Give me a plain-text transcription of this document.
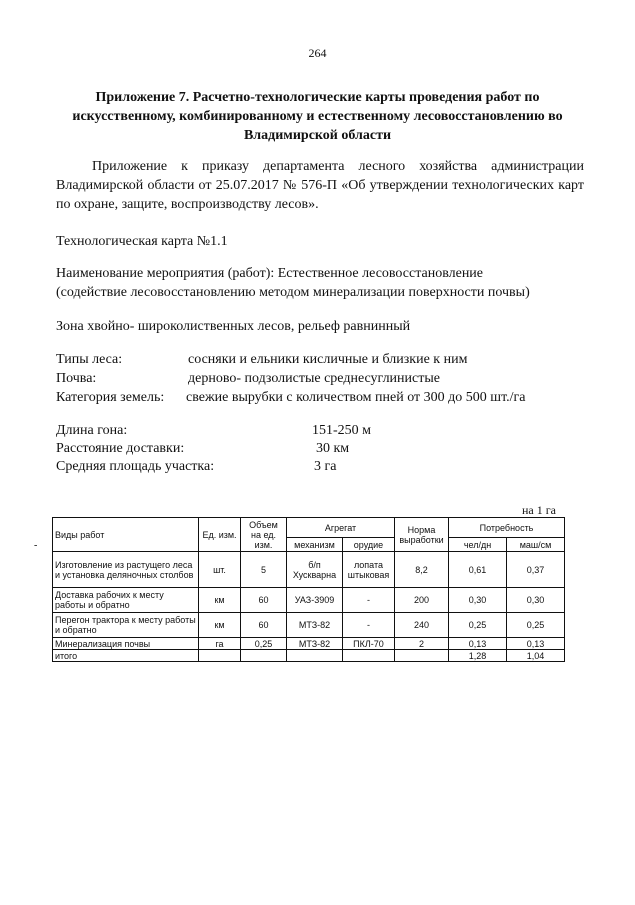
264
Приложение 7. Расчетно-технологические карты проведения работ по искусственному, комбинированному и естественному лесовосстановлению во Владимирской области
Приложение к приказу департамента лесного хозяйства администрации Владимирской области от 25.07.2017 № 576-П «Об утверждении технологических карт по охране, защите, воспроизводству лесов».
Технологическая карта №1.1
Наименование мероприятия (работ): Естественное лесовосстановление
(содействие лесовосстановлению методом минерализации поверхности почвы)
Зона хвойно- широколиственных лесов, рельеф равнинный
Типы леса:	сосняки и ельники кисличные и близкие к ним
Почва:	дерново- подзолистые среднесуглинистые
Категория земель: свежие вырубки с количеством пней от 300 до 500 шт./га
Длина гона:	151-250 м
Расстояние доставки:	30 км
Средняя площадь участка:	3 га
на 1 га
-
Виды работ	Ед. изм.	Объем на ед. изм.	Агрегат		Норма выработки	Потребность	
			механизм	орудие		чел/дн	маш/см
Изготовление из растущего леса и установка деляночных столбов	шт.	5	б/п Хускварна	лопата штыковая	8,2	0,61	0,37
Доставка рабочих к месту работы и обратно	км	60	УАЗ-3909	-	200	0,30	0,30
Перегон трактора к месту работы и обратно	км	60	МТЗ-82	-	240	0,25	0,25
Минерализация почвы	га	0,25	МТЗ-82	ПКЛ-70	2	0,13	0,13
итого						1,28	1,04
